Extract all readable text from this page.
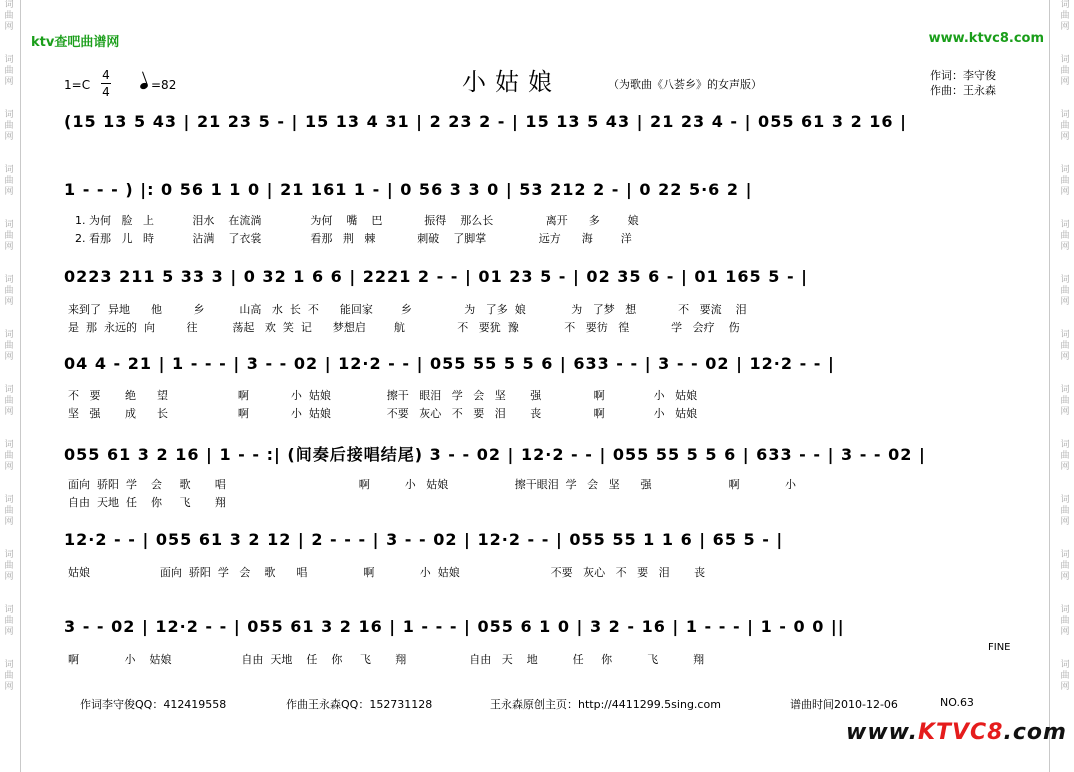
词
曲
网
词
曲
网
词
曲
网
词
曲
网
词
曲
网
词
曲
网
词
曲
网
词
曲
网
词
曲
网
词
曲
网
词
曲
网
词
曲
网
词
曲
网
词
曲
网
词
曲
网
词
曲
网
词
曲
网
词
曲
网
词
曲
网
词
曲
网
词
曲
网
词
曲
网
词
曲
网
词
曲
网
词
曲
网
词
曲
网
ktv查吧曲谱网	www.ktvc8.com
1=C
4
4	=82	小姑娘	（为歌曲《八荟乡》的女声版）
作词：李守俊
作曲：王永森
(15 13 5 43 | 21 23 5 - | 15 13 4 31 | 2 23 2 - | 15 13 5 43 | 21 23 4 - | 055 61 3 2 16 |
1 - - - ) |: 0 56 1 1 0 | 21 161 1 - | 0 56 3 3 0 | 53 212 2 - | 0 22 5·6 2 |
1. 为何   脸   上           泪水    在流淌              为何    嘴    巴            振得    那么长               离开      多        娘
2. 看那   儿   時           沾满    了衣裳              看那   荆   棘            刺破    了脚掌               远方      海        洋
0223 211 5 33 3 | 0 32 1 6 6 | 2221 2 - - | 01 23 5 - | 02 35 6 - | 01 165 5 - |
来到了  异地      他         乡          山高   水  长  不      能回家        乡               为   了多  娘             为   了梦   想            不   要流    泪
是  那  永远的  向         往          荡起   欢  笑  记      梦想启        航               不   要犹  豫             不   要彷   徨            学   会疗    伤
04 4 - 21 | 1 - - - | 3 - - 02 | 12·2 - - | 055 55 5 5 6 | 633 - - | 3 - - 02 | 12·2 - - |
不   要       绝      望                    啊            小  姑娘                擦干   眼泪   学   会   坚       强               啊              小   姑娘
坚   强       成      长                    啊            小  姑娘                不要   灰心   不   要   泪       丧               啊              小   姑娘
055 61 3 2 16 | 1 - - :| (间奏后接唱结尾) 3 - - 02 | 12·2 - - | 055 55 5 5 6 | 633 - - | 3 - - 02 |
面向  骄阳  学    会     歌       唱                                      啊          小   姑娘                   擦干眼泪  学   会   坚      强                      啊             小
自由  天地  任    你     飞       翔
12·2 - - | 055 61 3 2 12 | 2 - - - | 3 - - 02 | 12·2 - - | 055 55 1 1 6 | 65 5 - |
姑娘                    面向  骄阳  学   会    歌      唱                啊             小  姑娘                          不要   灰心   不   要   泪       丧
3 - - 02 | 12·2 - - | 055 61 3 2 16 | 1 - - - | 055 6 1 0 | 3 2 - 16 | 1 - - - | 1 - 0 0 ||
啊             小    姑娘                    自由  天地    任    你     飞       翔                  自由   天    地          任     你          飞          翔
FINE
作词李守俊QQ：412419558	作曲王永森QQ：152731128	王永森原创主页：http://4411299.5sing.com	谱曲时间2010-12-06	NO.63
www.KTVC8.com
